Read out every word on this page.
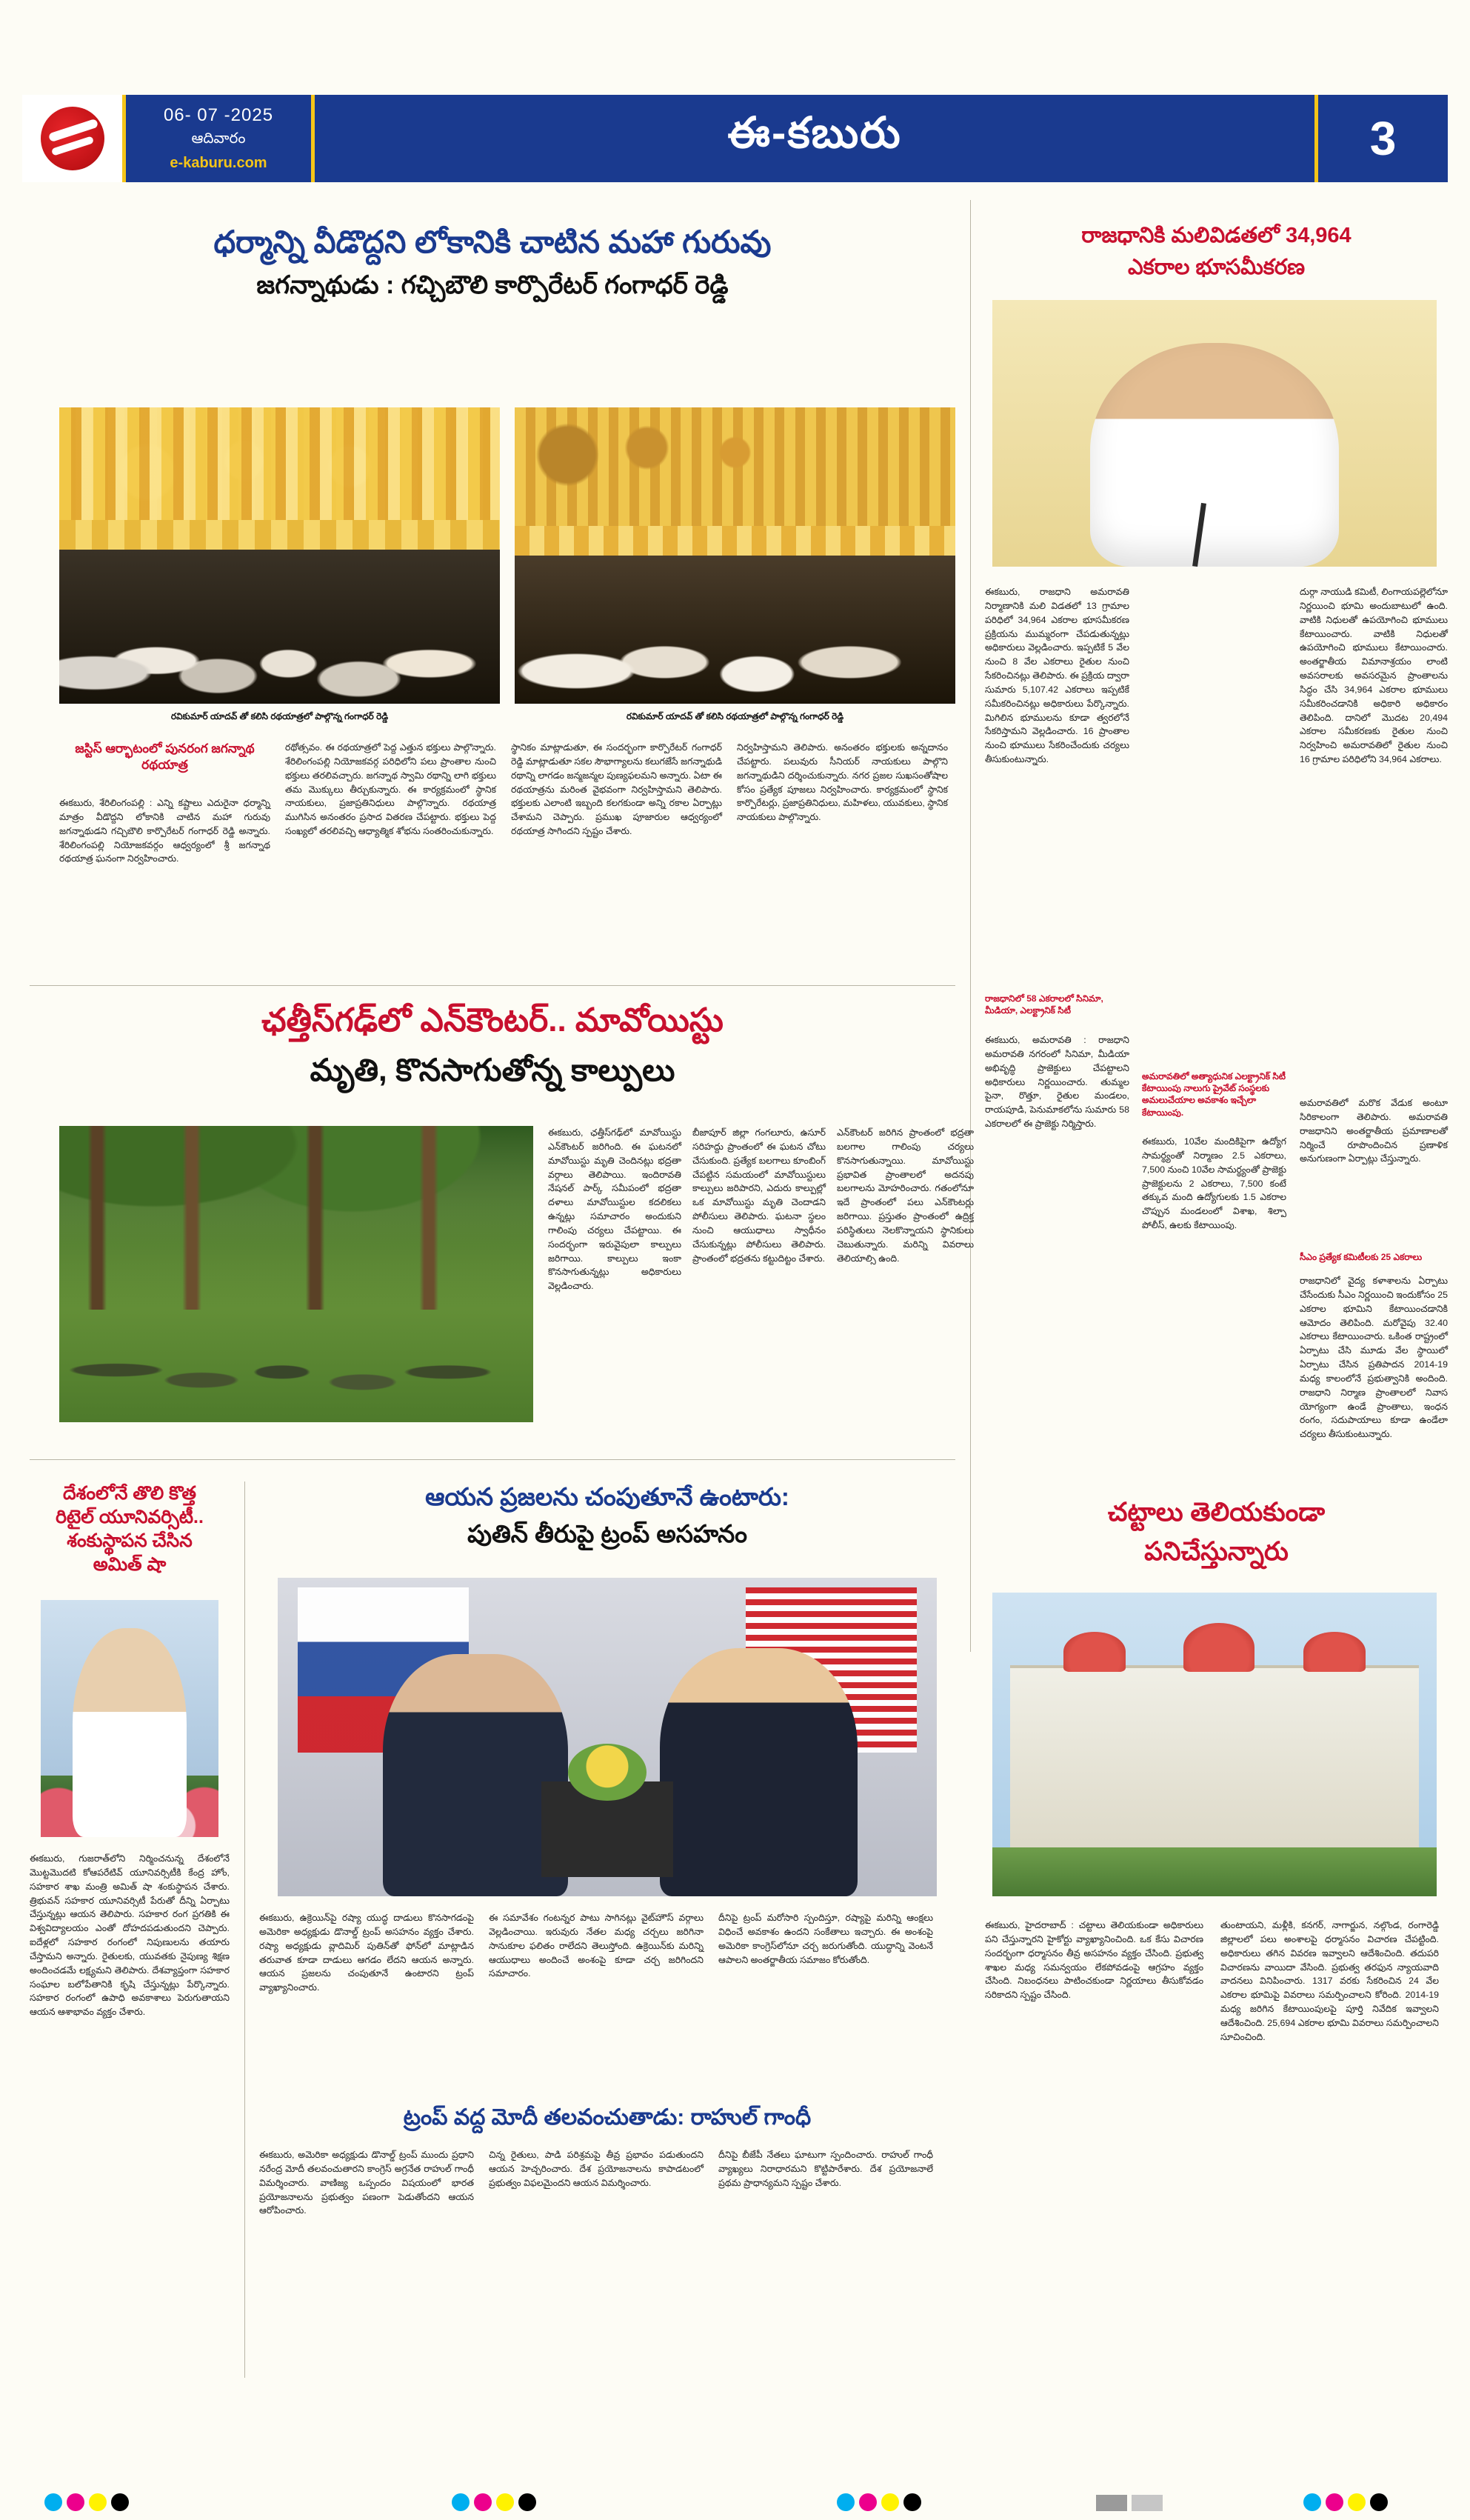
06- 07 -2025
ఆదివారం
e-kaburu.com
ఈ-కబురు	3
ధర్మాన్ని వీడొద్దని లోకానికి చాటిన మహా గురువు
జగన్నాథుడు : గచ్చిబౌలి కార్పొరేటర్ గంగాధర్ రెడ్డి
రవికుమార్ యాదవ్ తో కలిసి రథయాత్రలో పాల్గొన్న గంగాధర్ రెడ్డి	రవికుమార్ యాదవ్ తో కలిసి రథయాత్రలో పాల్గొన్న గంగాధర్ రెడ్డి
జస్టిస్ ఆర్భాటంలో పునరంగ జగన్నాథ రథయాత్ర
ఈకబురు, శేరిలింగంపల్లి : ఎన్ని కష్టాలు ఎదురైనా ధర్మాన్ని మాత్రం వీడొద్దని లోకానికి చాటిన మహా గురువు జగన్నాథుడని గచ్చిబౌలి కార్పొరేటర్ గంగాధర్ రెడ్డి అన్నారు. శేరిలింగంపల్లి నియోజకవర్గం ఆధ్వర్యంలో శ్రీ జగన్నాథ రథయాత్ర ఘనంగా నిర్వహించారు.
రథోత్సవం. ఈ రథయాత్రలో పెద్ద ఎత్తున భక్తులు పాల్గొన్నారు. శేరిలింగంపల్లి నియోజకవర్గ పరిధిలోని పలు ప్రాంతాల నుంచి భక్తులు తరలివచ్చారు. జగన్నాథ స్వామి రథాన్ని లాగి భక్తులు తమ మొక్కులు తీర్చుకున్నారు. ఈ కార్యక్రమంలో స్థానిక నాయకులు, ప్రజాప్రతినిధులు పాల్గొన్నారు. రథయాత్ర ముగిసిన అనంతరం ప్రసాద వితరణ చేపట్టారు. భక్తులు పెద్ద సంఖ్యలో తరలివచ్చి ఆధ్యాత్మిక శోభను సంతరించుకున్నారు.
స్థానికం మాట్లాడుతూ, ఈ సందర్భంగా కార్పొరేటర్ గంగాధర్ రెడ్డి మాట్లాడుతూ సకల సౌభాగ్యాలను కలుగజేసే జగన్నాథుడి రథాన్ని లాగడం జన్మజన్మల పుణ్యఫలమని అన్నారు. ఏటా ఈ రథయాత్రను మరింత వైభవంగా నిర్వహిస్తామని తెలిపారు. భక్తులకు ఎలాంటి ఇబ్బంది కలగకుండా అన్ని రకాల ఏర్పాట్లు చేశామని చెప్పారు. ప్రముఖ పూజారుల ఆధ్వర్యంలో రథయాత్ర సాగిందని స్పష్టం చేశారు.
నిర్వహిస్తామని తెలిపారు. అనంతరం భక్తులకు అన్నదానం చేపట్టారు. పలువురు సీనియర్ నాయకులు పాల్గొని జగన్నాథుడిని దర్శించుకున్నారు. నగర ప్రజల సుఖసంతోషాల కోసం ప్రత్యేక పూజలు నిర్వహించారు. కార్యక్రమంలో స్థానిక కార్పొరేటర్లు, ప్రజాప్రతినిధులు, మహిళలు, యువకులు, స్థానిక నాయకులు పాల్గొన్నారు.
ఛత్తీస్‌గఢ్‌లో ఎన్‌కౌంటర్.. మావోయిస్టు
మృతి, కొనసాగుతోన్న కాల్పులు
ఈకబురు, ఛత్తీస్‌గఢ్‌లో మావోయిస్టు ఎన్‌కౌంటర్ జరిగింది. ఈ ఘటనలో మావోయిస్టు మృతి చెందినట్లు భద్రతా వర్గాలు తెలిపాయి. ఇందిరావతి నేషనల్ పార్క్ సమీపంలో భద్రతా దళాలు మావోయిస్టుల కదలికలు ఉన్నట్లు సమాచారం అందుకుని గాలింపు చర్యలు చేపట్టాయి. ఈ సందర్భంగా ఇరువైపులా కాల్పులు జరిగాయి. కాల్పులు ఇంకా కొనసాగుతున్నట్లు అధికారులు వెల్లడించారు.
బీజాపూర్ జిల్లా గంగలూరు, ఉసూర్ సరిహద్దు ప్రాంతంలో ఈ ఘటన చోటు చేసుకుంది. ప్రత్యేక బలగాలు కూంబింగ్ చేపట్టిన సమయంలో మావోయిస్టులు కాల్పులు జరిపారని, ఎదురు కాల్పుల్లో ఒక మావోయిస్టు మృతి చెందాడని పోలీసులు తెలిపారు. ఘటనా స్థలం నుంచి ఆయుధాలు స్వాధీనం చేసుకున్నట్లు పోలీసులు తెలిపారు. ప్రాంతంలో భద్రతను కట్టుదిట్టం చేశారు.
ఎన్‌కౌంటర్ జరిగిన ప్రాంతంలో భద్రతా బలగాల గాలింపు చర్యలు కొనసాగుతున్నాయి. మావోయిస్టు ప్రభావిత ప్రాంతాలలో అదనపు బలగాలను మోహరించారు. గతంలోనూ ఇదే ప్రాంతంలో పలు ఎన్‌కౌంటర్లు జరిగాయి. ప్రస్తుతం ప్రాంతంలో ఉద్రిక్త పరిస్థితులు నెలకొన్నాయని స్థానికులు చెబుతున్నారు. మరిన్ని వివరాలు తెలియాల్సి ఉంది.
దేశంలోనే తొలి కొత్త
రిటైల్ యూనివర్సిటీ..
శంకుస్థాపన చేసిన
అమిత్ షా
ఈకబురు, గుజరాత్‌లోని నిర్మించనున్న దేశంలోనే మొట్టమొదటి కోఆపరేటివ్ యూనివర్సిటీకి కేంద్ర హోం, సహకార శాఖ మంత్రి అమిత్ షా శంకుస్థాపన చేశారు. త్రిభువన్ సహకార యూనివర్సిటీ పేరుతో దీన్ని ఏర్పాటు చేస్తున్నట్లు ఆయన తెలిపారు. సహకార రంగ ప్రగతికి ఈ విశ్వవిద్యాలయం ఎంతో దోహదపడుతుందని చెప్పారు. ఐదేళ్లలో సహకార రంగంలో నిపుణులను తయారు చేస్తామని అన్నారు. రైతులకు, యువతకు నైపుణ్య శిక్షణ అందించడమే లక్ష్యమని తెలిపారు. దేశవ్యాప్తంగా సహకార సంఘాల బలోపేతానికి కృషి చేస్తున్నట్లు పేర్కొన్నారు. సహకార రంగంలో ఉపాధి అవకాశాలు పెరుగుతాయని ఆయన ఆశాభావం వ్యక్తం చేశారు.
ఆయన ప్రజలను చంపుతూనే ఉంటారు:
పుతిన్ తీరుపై ట్రంప్ అసహనం
ఈకబురు, ఉక్రెయిన్‌పై రష్యా యుద్ధ దాడులు కొనసాగడంపై అమెరికా అధ్యక్షుడు డొనాల్డ్ ట్రంప్ అసహనం వ్యక్తం చేశారు. రష్యా అధ్యక్షుడు వ్లాదిమిర్ పుతిన్‌తో ఫోన్‌లో మాట్లాడిన తరువాత కూడా దాడులు ఆగడం లేదని ఆయన అన్నారు. ఆయన ప్రజలను చంపుతూనే ఉంటారని ట్రంప్ వ్యాఖ్యానించారు.
ఈ సమావేశం గంటన్నర పాటు సాగినట్లు వైట్‌హౌస్ వర్గాలు వెల్లడించాయి. ఇరువురు నేతల మధ్య చర్చలు జరిగినా సానుకూల ఫలితం రాలేదని తెలుస్తోంది. ఉక్రెయిన్‌కు మరిన్ని ఆయుధాలు అందించే అంశంపై కూడా చర్చ జరిగిందని సమాచారం.
దీనిపై ట్రంప్ మరోసారి స్పందిస్తూ, రష్యాపై మరిన్ని ఆంక్షలు విధించే అవకాశం ఉందని సంకేతాలు ఇచ్చారు. ఈ అంశంపై అమెరికా కాంగ్రెస్‌లోనూ చర్చ జరుగుతోంది. యుద్ధాన్ని వెంటనే ఆపాలని అంతర్జాతీయ సమాజం కోరుతోంది.
ట్రంప్ వద్ద మోదీ తలవంచుతాడు: రాహుల్ గాంధీ
ఈకబురు, అమెరికా అధ్యక్షుడు డొనాల్డ్ ట్రంప్ ముందు ప్రధాని నరేంద్ర మోదీ తలవంచుతారని కాంగ్రెస్ అగ్రనేత రాహుల్ గాంధీ విమర్శించారు. వాణిజ్య ఒప్పందం విషయంలో భారత ప్రయోజనాలను ప్రభుత్వం పణంగా పెడుతోందని ఆయన ఆరోపించారు.
చిన్న రైతులు, పాడి పరిశ్రమపై తీవ్ర ప్రభావం పడుతుందని ఆయన హెచ్చరించారు. దేశ ప్రయోజనాలను కాపాడటంలో ప్రభుత్వం విఫలమైందని ఆయన విమర్శించారు.
దీనిపై బీజేపీ నేతలు ఘాటుగా స్పందించారు. రాహుల్ గాంధీ వ్యాఖ్యలు నిరాధారమని కొట్టిపారేశారు. దేశ ప్రయోజనాలే ప్రథమ ప్రాధాన్యమని స్పష్టం చేశారు.
రాజధానికి మలివిడతలో 34,964
ఎకరాల భూసమీకరణ
ఈకబురు, రాజధాని అమరావతి నిర్మాణానికి మలి విడతలో 13 గ్రామాల పరిధిలో 34,964 ఎకరాల భూసమీకరణ ప్రక్రియను ముమ్మరంగా చేపడుతున్నట్లు అధికారులు వెల్లడించారు. ఇప్పటికే 5 వేల నుంచి 8 వేల ఎకరాలు రైతుల నుంచి సేకరించినట్లు తెలిపారు. ఈ ప్రక్రియ ద్వారా సుమారు 5,107.42 ఎకరాలు ఇప్పటికే సమీకరించినట్లు అధికారులు పేర్కొన్నారు. మిగిలిన భూములను కూడా త్వరలోనే సేకరిస్తామని వెల్లడించారు. 16 ప్రాంతాల నుంచి భూములు సేకరించేందుకు చర్యలు తీసుకుంటున్నారు.
రాజధానిలో 58 ఎకరాలలో సినిమా, మీడియా, ఎలక్ట్రానిక్ సిటీ
ఈకబురు, అమరావతి : రాజధాని అమరావతి నగరంలో సినిమా, మీడియా అభివృద్ధి ప్రాజెక్టులు చేపట్టాలని అధికారులు నిర్ణయించారు. తుమ్మల పైనా, రొత్తూ, రైతుల మండలం, రాయపూడి, పెనుమాకలోను సుమారు 58 ఎకరాలలో ఈ ప్రాజెక్టు నిర్మిస్తారు.
అమరావతిలో అత్యాధునిక ఎలక్ట్రానిక్ సిటీ కేటాయింపు నాలుగు ప్రైవేట్ సంస్థలకు అమలుచేయాల అవకాశం ఇచ్చేలా కేటాయింపు.
ఈకబురు, 10వేల మందికిపైగా ఉద్యోగ సామర్థ్యంతో నిర్మాణం 2.5 ఎకరాలు, 7,500 నుంచి 10వేల సామర్థ్యంతో ప్రాజెక్టు ప్రాజెక్టులను 2 ఎకరాలు, 7,500 కంటే తక్కువ మంది ఉద్యోగులకు 1.5 ఎకరాల చొప్పున మండలంలో విశాఖ, శిల్పా పోలీస్, ఉలకు కేటాయింపు.
దుర్గా నాయుడి కమిటీ, లింగాయపల్లెలోనూ నిర్ణయించి భూమి అందుబాటులో ఉంది. వాటికి నిధులతో ఉపయోగించి భూములు కేటాయించారు. వాటికి నిధులతో ఉపయోగించి భూములు కేటాయించారు. అంతర్జాతీయ విమానాశ్రయం లాంటి అవసరాలకు అవసరమైన ప్రాంతాలను సిద్ధం చేసి 34,964 ఎకరాల భూములు సమీకరించడానికి అధికారి అధికారం తెలిపింది. దానిలో మొదట 20,494 ఎకరాల సమీకరణకు రైతుల నుంచి నిర్వహించి అమరావతిలో రైతుల నుంచి 16 గ్రామాల పరిధిలోని 34,964 ఎకరాలు.
అమరావతిలో మరొక వేడుక అంటూ సిరికాలంగా తెలిపారు. అమరావతి రాజధానిని అంతర్జాతీయ ప్రమాణాలతో నిర్మించే రూపొందించిన ప్రణాళిక అనుగుణంగా ఏర్పాట్లు చేస్తున్నారు.
సీఎం ప్రత్యేక కమిటీలకు 25 ఎకరాలు
రాజధానిలో వైద్య కళాశాలను ఏర్పాటు చేసేందుకు సీఎం నిర్ణయించి ఇందుకోసం 25 ఎకరాల భూమిని కేటాయించడానికి ఆమోదం తెలిపింది. మరోవైపు 32.40 ఎకరాలు కేటాయించారు. ఒకింత రాష్ట్రంలో ఏర్పాటు చేసి మూడు వేల స్థాయిలో ఏర్పాటు చేసిన ప్రతిపాదన 2014-19 మధ్య కాలంలోనే ప్రభుత్వానికి అందింది. రాజధాని నిర్మాణ ప్రాంతాలలో నివాస యోగ్యంగా ఉండే ప్రాంతాలు, ఇంధన రంగం, సదుపాయాలు కూడా ఉండేలా చర్యలు తీసుకుంటున్నారు.
చట్టాలు తెలియకుండా
పనిచేస్తున్నారు
ఈకబురు, హైదరాబాద్ : చట్టాలు తెలియకుండా అధికారులు పని చేస్తున్నారని హైకోర్టు వ్యాఖ్యానించింది. ఒక కేసు విచారణ సందర్భంగా ధర్మాసనం తీవ్ర అసహనం వ్యక్తం చేసింది. ప్రభుత్వ శాఖల మధ్య సమన్వయం లేకపోవడంపై ఆగ్రహం వ్యక్తం చేసింది. నిబంధనలు పాటించకుండా నిర్ణయాలు తీసుకోవడం సరికాదని స్పష్టం చేసింది.
తుంటాయని, మళ్లీకి, కనగర్, నాగార్జున, నల్గొండ, రంగారెడ్డి జిల్లాలలో పలు అంశాలపై ధర్మాసనం విచారణ చేపట్టింది. అధికారులు తగిన వివరణ ఇవ్వాలని ఆదేశించింది. తదుపరి విచారణను వాయిదా వేసింది. ప్రభుత్వ తరఫున న్యాయవాది వాదనలు వినిపించారు. 1317 వరకు సేకరించిన 24 వేల ఎకరాల భూమిపై వివరాలు సమర్పించాలని కోరింది. 2014-19 మధ్య జరిగిన కేటాయింపులపై పూర్తి నివేదిక ఇవ్వాలని ఆదేశించింది. 25,694 ఎకరాల భూమి వివరాలు సమర్పించాలని సూచించింది.
